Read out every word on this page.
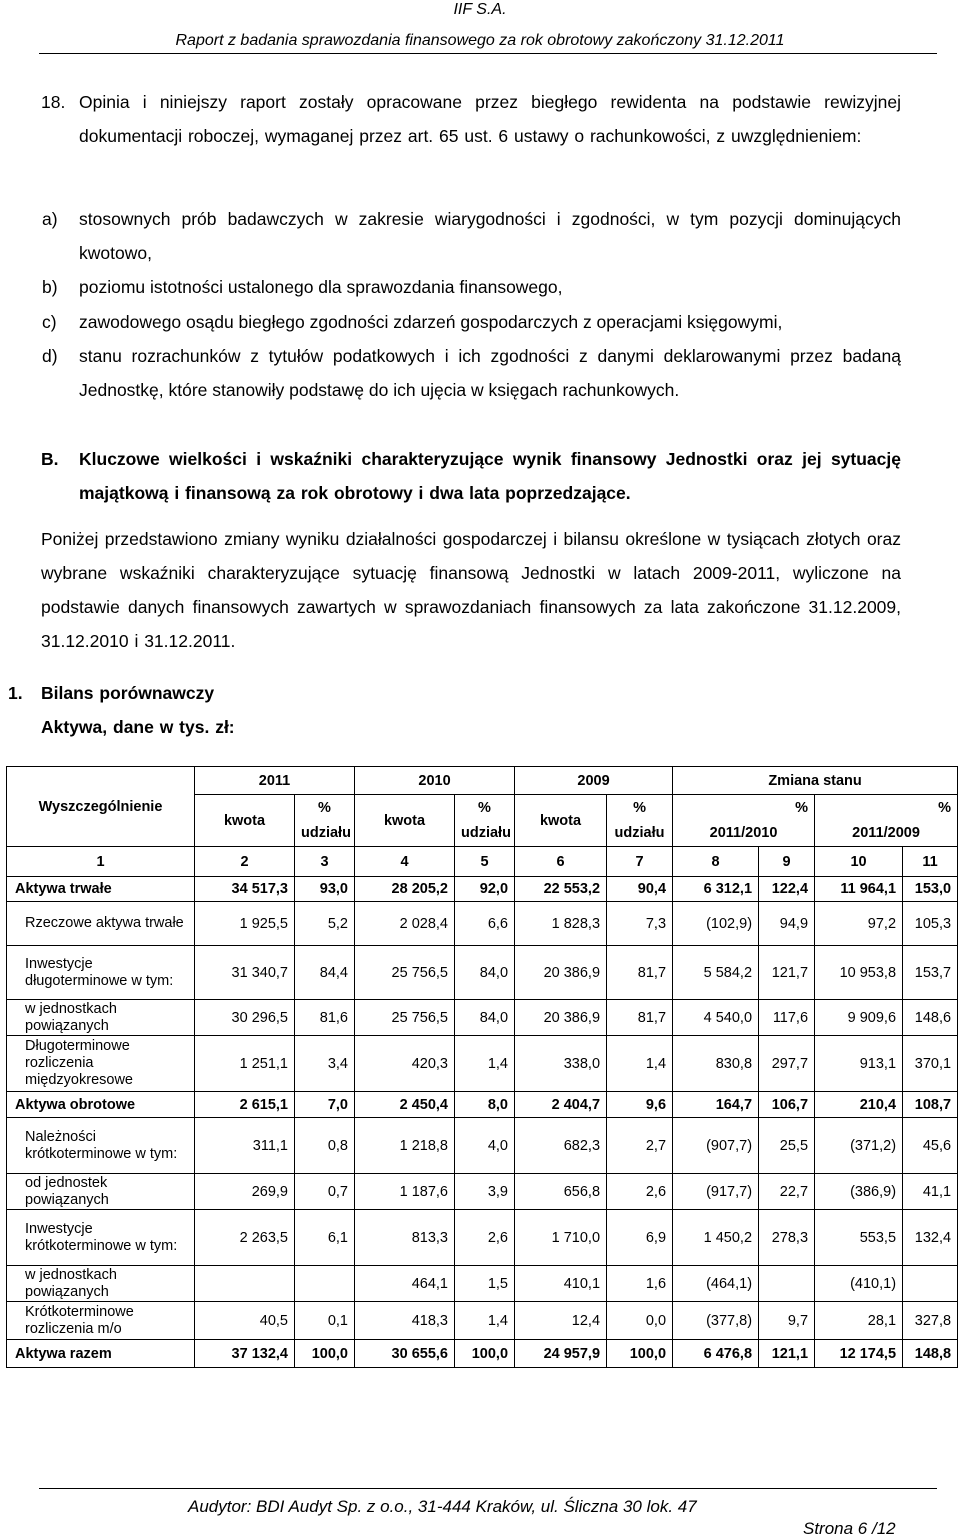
IIF S.A.
Raport z badania sprawozdania finansowego za rok obrotowy zakończony 31.12.2011
18. Opinia i niniejszy raport zostały opracowane przez biegłego rewidenta na podstawie rewizyjnej dokumentacji roboczej, wymaganej przez art. 65 ust. 6 ustawy o rachunkowości, z uwzględnieniem:
a) stosownych prób badawczych w zakresie wiarygodności i zgodności, w tym pozycji dominujących kwotowo,
b) poziomu istotności ustalonego dla sprawozdania finansowego,
c) zawodowego osądu biegłego zgodności zdarzeń gospodarczych z operacjami księgowymi,
d) stanu rozrachunków z tytułów podatkowych i ich zgodności z danymi deklarowanymi przez badaną Jednostkę, które stanowiły podstawę do ich ujęcia w księgach rachunkowych.
B. Kluczowe wielkości i wskaźniki charakteryzujące wynik finansowy Jednostki oraz jej sytuację majątkową i finansową za rok obrotowy i dwa lata poprzedzające.
Poniżej przedstawiono zmiany wyniku działalności gospodarczej i bilansu określone w tysiącach złotych oraz wybrane wskaźniki charakteryzujące sytuację finansową Jednostki w latach 2009-2011, wyliczone na podstawie danych finansowych zawartych w sprawozdaniach finansowych za lata zakończone 31.12.2009, 31.12.2010 i 31.12.2011.
1. Bilans porównawczy
Aktywa, dane w tys. zł:
Wyszczególnienie	2011		2010		2009		Zmiana stanu			
	kwota	%	kwota	%	kwota	%	%		%	
		udziału		udziału		udziału	2011/2010		2011/2009	
1	2	3	4	5	6	7	8	9	10	11
Aktywa trwałe	34 517,3	93,0	28 205,2	92,0	22 553,2	90,4	6 312,1	122,4	11 964,1	153,0
Rzeczowe aktywa trwałe	1 925,5	5,2	2 028,4	6,6	1 828,3	7,3	(102,9)	94,9	97,2	105,3
Inwestycje długoterminowe w tym:	31 340,7	84,4	25 756,5	84,0	20 386,9	81,7	5 584,2	121,7	10 953,8	153,7
w jednostkach powiązanych	30 296,5	81,6	25 756,5	84,0	20 386,9	81,7	4 540,0	117,6	9 909,6	148,6
Długoterminowe rozliczenia międzyokresowe	1 251,1	3,4	420,3	1,4	338,0	1,4	830,8	297,7	913,1	370,1
Aktywa obrotowe	2 615,1	7,0	2 450,4	8,0	2 404,7	9,6	164,7	106,7	210,4	108,7
Należności krótkoterminowe w tym:	311,1	0,8	1 218,8	4,0	682,3	2,7	(907,7)	25,5	(371,2)	45,6
od jednostek powiązanych	269,9	0,7	1 187,6	3,9	656,8	2,6	(917,7)	22,7	(386,9)	41,1
Inwestycje krótkoterminowe w tym:	2 263,5	6,1	813,3	2,6	1 710,0	6,9	1 450,2	278,3	553,5	132,4
w jednostkach powiązanych			464,1	1,5	410,1	1,6	(464,1)		(410,1)	
Krótkoterminowe rozliczenia m/o	40,5	0,1	418,3	1,4	12,4	0,0	(377,8)	9,7	28,1	327,8
Aktywa razem	37 132,4	100,0	30 655,6	100,0	24 957,9	100,0	6 476,8	121,1	12 174,5	148,8
Audytor: BDI Audyt Sp. z o.o., 31-444 Kraków, ul. Śliczna 30 lok. 47
Strona 6 /12
